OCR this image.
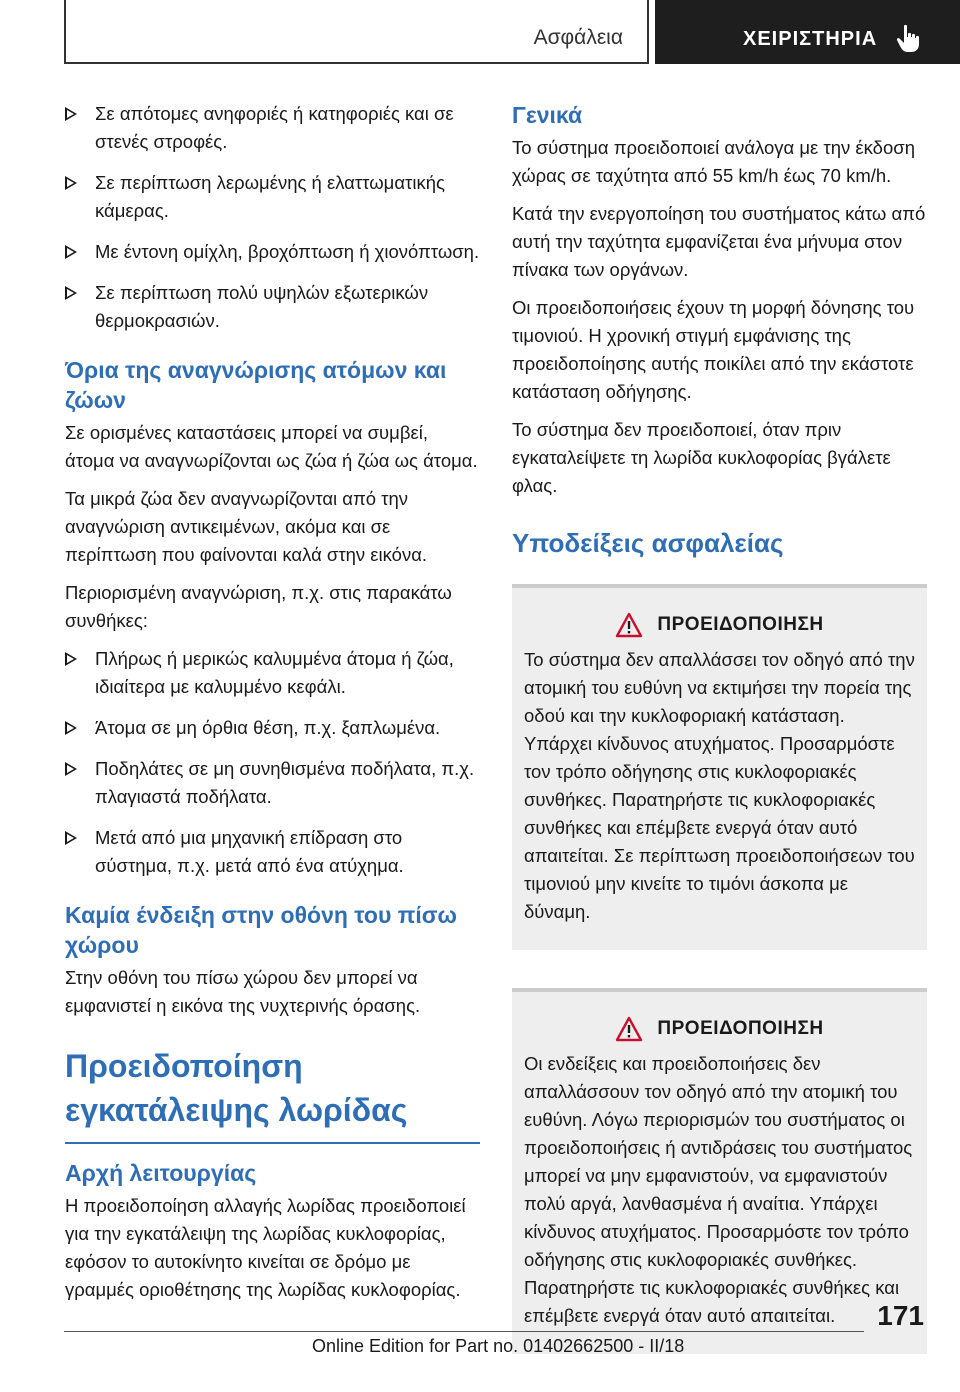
Ασφάλεια	ΧΕΙΡΙΣΤΗΡΙΑ
Σε απότομες ανηφοριές ή κατηφοριές και σε στενές στροφές.
Σε περίπτωση λερωμένης ή ελαττωματικής κάμερας.
Με έντονη ομίχλη, βροχόπτωση ή χιονόπτωση.
Σε περίπτωση πολύ υψηλών εξωτερικών θερμοκρασιών.
Όρια της αναγνώρισης ατόμων και ζώων

Σε ορισμένες καταστάσεις μπορεί να συμβεί, άτομα να αναγνωρίζονται ως ζώα ή ζώα ως άτομα.

Τα μικρά ζώα δεν αναγνωρίζονται από την αναγνώριση αντικειμένων, ακόμα και σε περίπτωση που φαίνονται καλά στην εικόνα.

Περιορισμένη αναγνώριση, π.χ. στις παρακάτω συνθήκες:

Πλήρως ή μερικώς καλυμμένα άτομα ή ζώα, ιδιαίτερα με καλυμμένο κεφάλι.
Άτομα σε μη όρθια θέση, π.χ. ξαπλωμένα.
Ποδηλάτες σε μη συνηθισμένα ποδήλατα, π.χ. πλαγιαστά ποδήλατα.
Μετά από μια μηχανική επίδραση στο σύστημα, π.χ. μετά από ένα ατύχημα.
Καμία ένδειξη στην οθόνη του πίσω χώρου

Στην οθόνη του πίσω χώρου δεν μπορεί να εμφανιστεί η εικόνα της νυχτερινής όρασης.

Προειδοποίηση εγκατάλειψης λωρίδας
Αρχή λειτουργίας

Η προειδοποίηση αλλαγής λωρίδας προειδοποιεί για την εγκατάλειψη της λωρίδας κυκλοφορίας, εφόσον το αυτοκίνητο κινείται σε δρόμο με γραμμές οριοθέτησης της λωρίδας κυκλοφορίας.

Γενικά

Το σύστημα προειδοποιεί ανάλογα με την έκδοση χώρας σε ταχύτητα από 55 km/h έως 70 km/h.

Κατά την ενεργοποίηση του συστήματος κάτω από αυτή την ταχύτητα εμφανίζεται ένα μήνυμα στον πίνακα των οργάνων.

Οι προειδοποιήσεις έχουν τη μορφή δόνησης του τιμονιού. Η χρονική στιγμή εμφάνισης της προειδοποίησης αυτής ποικίλει από την εκάστοτε κατάσταση οδήγησης.

Το σύστημα δεν προειδοποιεί, όταν πριν εγκαταλείψετε τη λωρίδα κυκλοφορίας βγάλετε φλας.

Υποδείξεις ασφαλείας
ΠΡΟΕΙΔΟΠΟΙΗΣΗ

Το σύστημα δεν απαλλάσσει τον οδηγό από την ατομική του ευθύνη να εκτιμήσει την πορεία της οδού και την κυκλοφοριακή κατάσταση. Υπάρχει κίνδυνος ατυχήματος. Προσαρμόστε τον τρόπο οδήγησης στις κυκλοφοριακές συνθήκες. Παρατηρήστε τις κυκλοφοριακές συνθήκες και επέμβετε ενεργά όταν αυτό απαιτείται. Σε περίπτωση προειδοποιήσεων του τιμονιού μην κινείτε το τιμόνι άσκοπα με δύναμη.

ΠΡΟΕΙΔΟΠΟΙΗΣΗ

Οι ενδείξεις και προειδοποιήσεις δεν απαλλάσσουν τον οδηγό από την ατομική του ευθύνη. Λόγω περιορισμών του συστήματος οι προειδοποιήσεις ή αντιδράσεις του συστήματος μπορεί να μην εμφανιστούν, να εμφανιστούν πολύ αργά, λανθασμένα ή αναίτια. Υπάρχει κίνδυνος ατυχήματος. Προσαρμόστε τον τρόπο οδήγησης στις κυκλοφοριακές συνθήκες. Παρατηρήστε τις κυκλοφοριακές συνθήκες και επέμβετε ενεργά όταν αυτό απαιτείται.	171
Online Edition for Part no. 01402662500 - II/18
